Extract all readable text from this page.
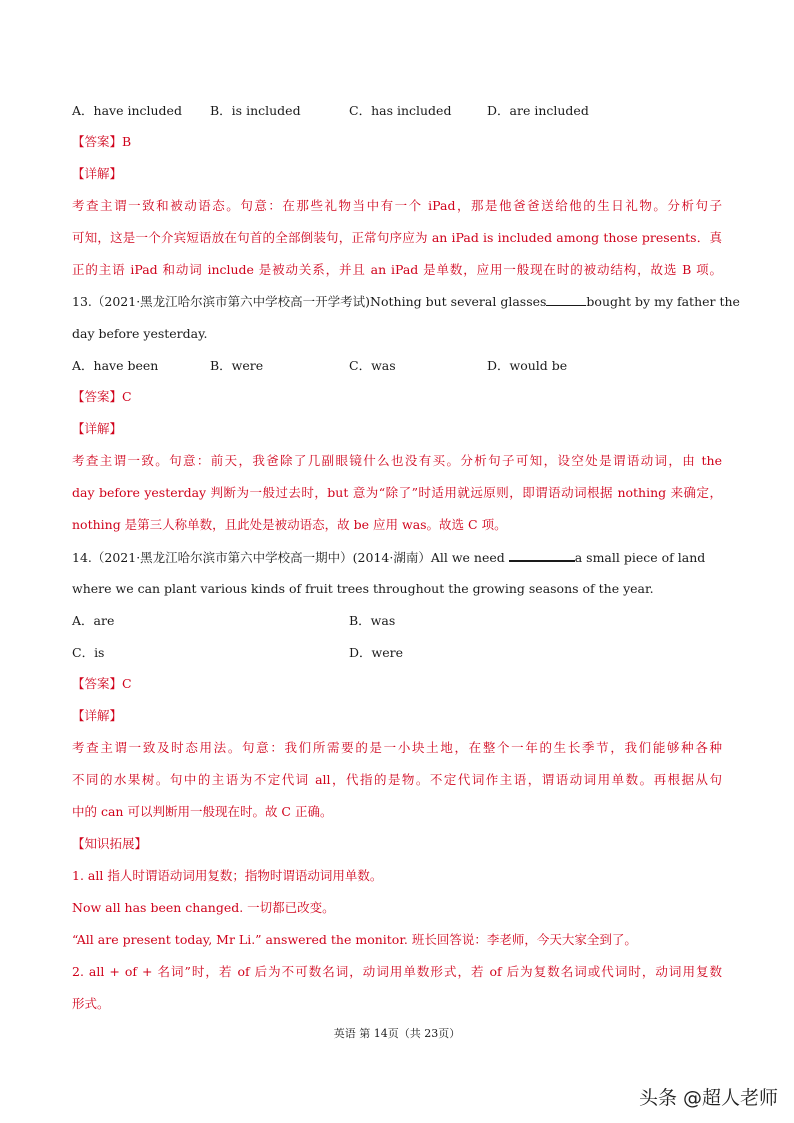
A．have included B．is included	C．has included	D．are included
【答案】B
【详解】
考查主谓一致和被动语态。句意：在那些礼物当中有一个 iPad，那是他爸爸送给他的生日礼物。分析句子
可知，这是一个介宾短语放在句首的全部倒装句，正常句序应为 an iPad is included among those presents．真
正的主语 iPad 和动词 include 是被动关系，并且 an iPad 是单数，应用一般现在时的被动结构，故选 B 项。
13.（2021·黑龙江哈尔滨市第六中学校高一开学考试)Nothing but several glasses	bought by my father the
day before yesterday.
A．have been	B．were	C．was	D．would be
【答案】C
【详解】
考查主谓一致。句意：前天，我爸除了几副眼镜什么也没有买。分析句子可知，设空处是谓语动词，由 the
day before yesterday 判断为一般过去时，but 意为“除了”时适用就远原则，即谓语动词根据 nothing 来确定，
nothing 是第三人称单数，且此处是被动语态，故 be 应用 was。故选 C 项。
14.（2021·黑龙江哈尔滨市第六中学校高一期中）(2014·湖南）All we need	a small piece of land
where we can plant various kinds of fruit trees throughout the growing seasons of the year.
A．are	B．was
C．is	D．were
【答案】C
【详解】
考查主谓一致及时态用法。句意：我们所需要的是一小块土地，在整个一年的生长季节，我们能够种各种
不同的水果树。句中的主语为不定代词 all，代指的是物。不定代词作主语，谓语动词用单数。再根据从句
中的 can 可以判断用一般现在时。故 C 正确。
【知识拓展】
1. all 指人时谓语动词用复数；指物时谓语动词用单数。
Now all has been changed. 一切都已改变。
“All are present today, Mr Li.” answered the monitor. 班长回答说：李老师，今天大家全到了。
2. all + of + 名词”时，若 of 后为不可数名词，动词用单数形式，若 of 后为复数名词或代词时，动词用复数
形式。
英语 第 14页（共 23页）
头条 @超人老师
